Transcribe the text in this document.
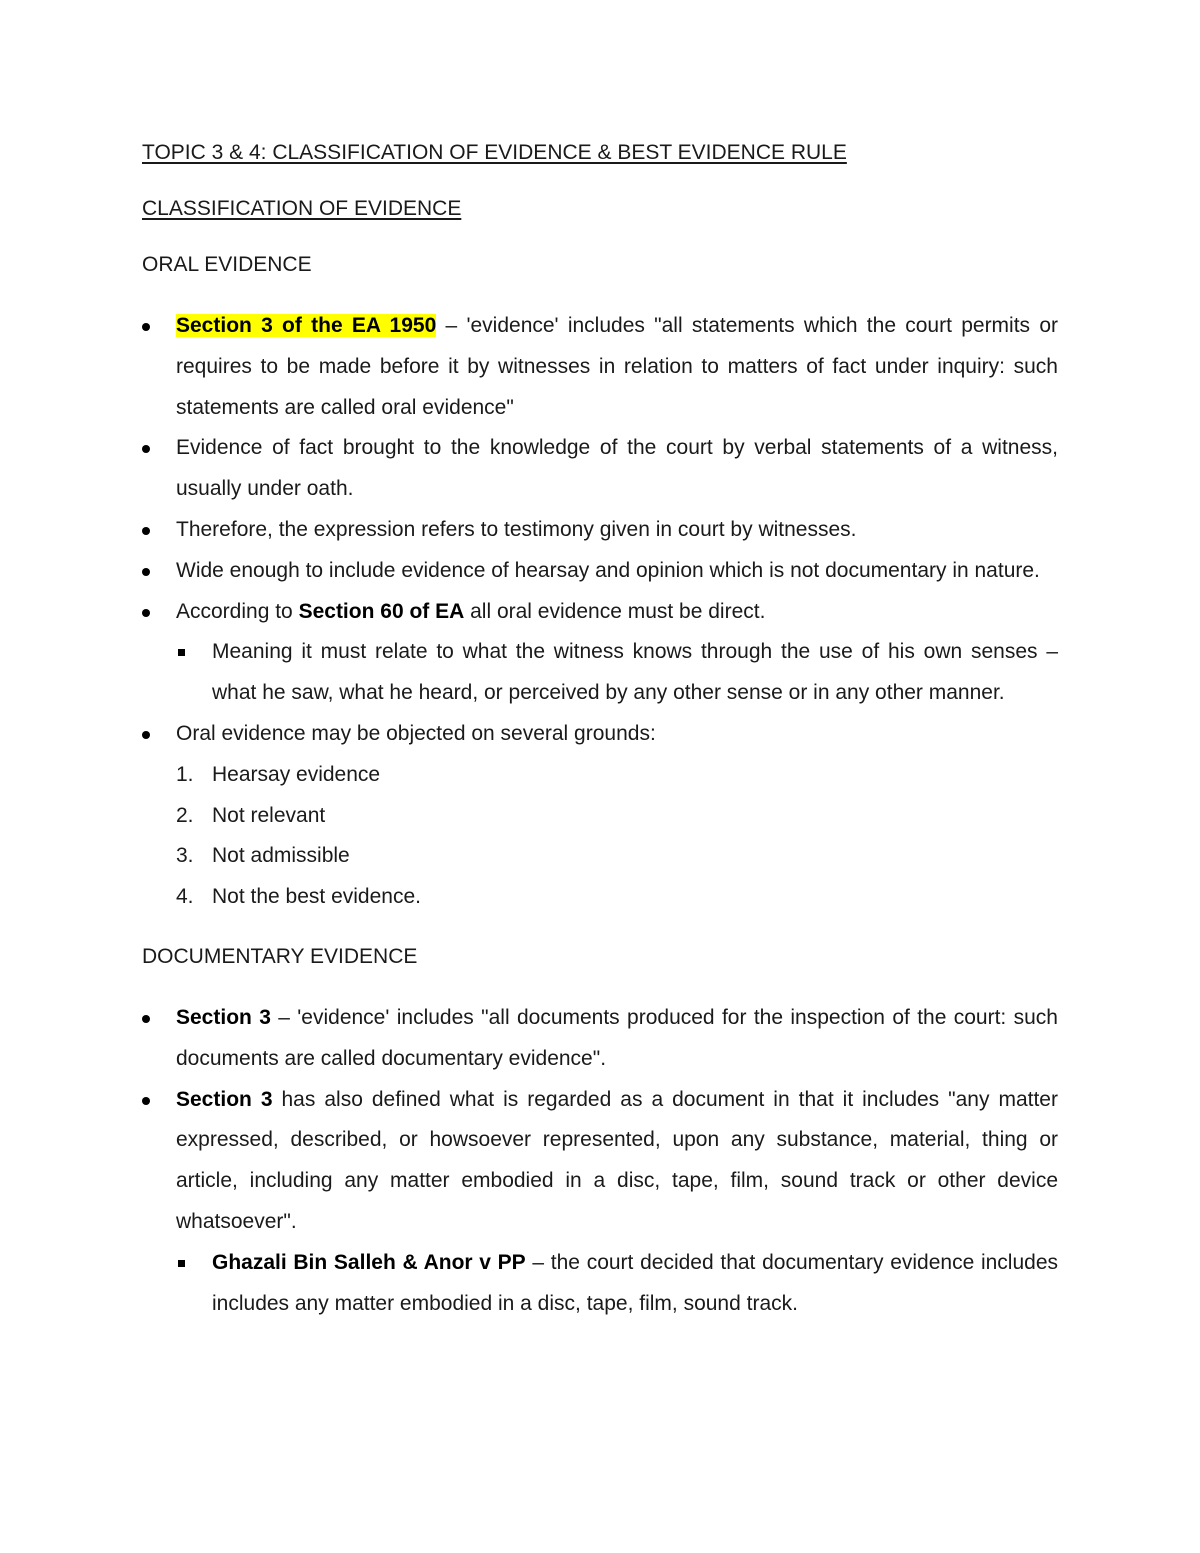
TOPIC 3 & 4: CLASSIFICATION OF EVIDENCE & BEST EVIDENCE RULE

CLASSIFICATION OF EVIDENCE

ORAL EVIDENCE

Section 3 of the EA 1950 – 'evidence' includes "all statements which the court permits or requires to be made before it by witnesses in relation to matters of fact under inquiry: such statements are called oral evidence"
Evidence of fact brought to the knowledge of the court by verbal statements of a witness, usually under oath.
Therefore, the expression refers to testimony given in court by witnesses.
Wide enough to include evidence of hearsay and opinion which is not documentary in nature.
According to Section 60 of EA all oral evidence must be direct.
Meaning it must relate to what the witness knows through the use of his own senses – what he saw, what he heard, or perceived by any other sense or in any other manner.
Oral evidence may be objected on several grounds:
1. Hearsay evidence
2. Not relevant
3. Not admissible
4. Not the best evidence.

DOCUMENTARY EVIDENCE

Section 3 – 'evidence' includes "all documents produced for the inspection of the court: such documents are called documentary evidence".
Section 3 has also defined what is regarded as a document in that it includes "any matter expressed, described, or howsoever represented, upon any substance, material, thing or article, including any matter embodied in a disc, tape, film, sound track or other device whatsoever".
Ghazali Bin Salleh & Anor v PP – the court decided that documentary evidence includes includes any matter embodied in a disc, tape, film, sound track.
